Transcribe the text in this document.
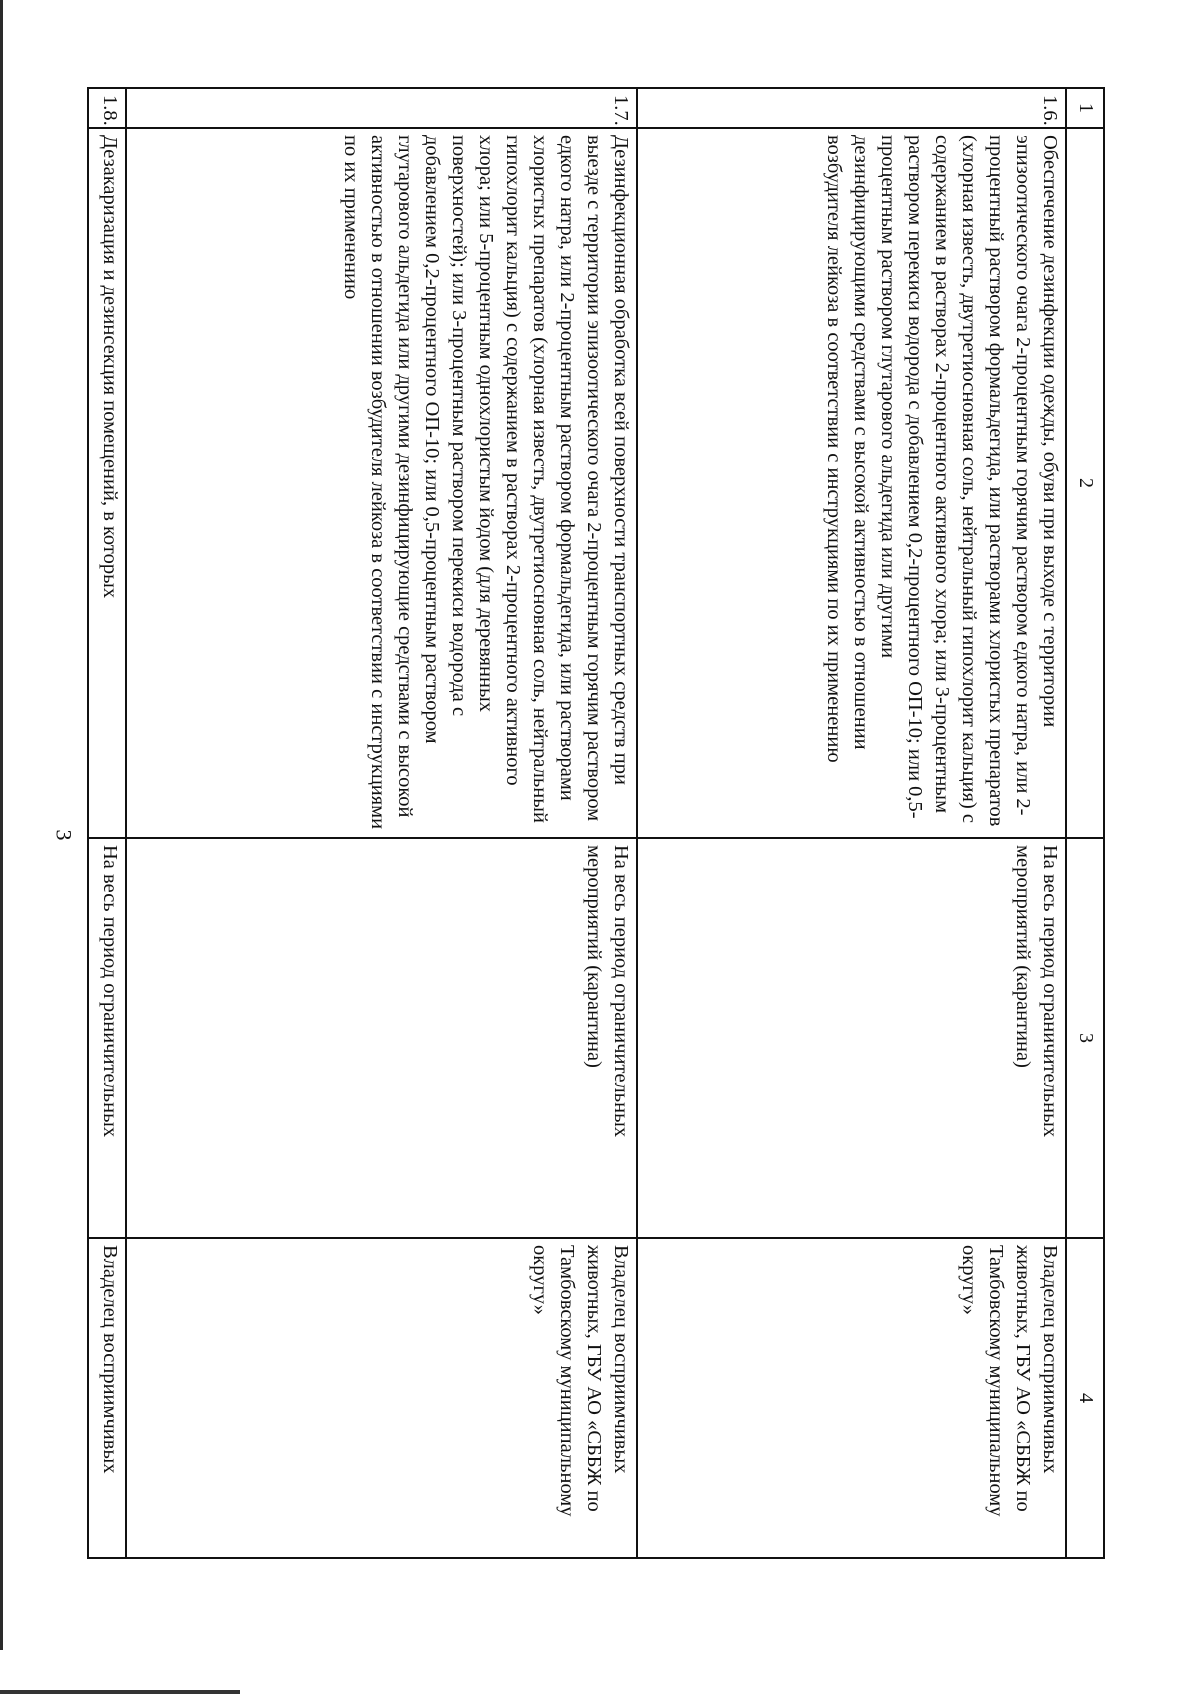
3
1	2	3	4
1.6.	Обеспечение дезинфекции одежды, обуви при выходе с территории эпизоотического очага 2-процентным горячим раствором едкого натра, или 2-процентный раствором формальдегида, или растворами хлористых препаратов (хлорная известь, двутретиосновная соль, нейтральный гипохлорит кальция) с содержанием в растворах 2-процентного активного хлора; или 3-процентным раствором перекиси водорода с добавлением 0,2-процентного ОП-10; или 0,5-процентным раствором глутарового альдегида или другими дезинфицирующими средствами с высокой активностью в отношении возбудителя лейкоза в соответствии с инструкциями по их применению	На весь период ограничительных мероприятий (карантина)	Владелец восприимчивых животных, ГБУ АО «СББЖ по Тамбовскому муниципальному округу»

1.7.	Дезинфекционная обработка всей поверхности транспортных средств при выезде с территории эпизоотического очага 2-процентным горячим раствором едкого натра, или 2-процентным раствором формальдегида, или растворами хлористых препаратов (хлорная известь, двутретиосновная соль, нейтральный гипохлорит кальция) с содержанием в растворах 2-процентного активного хлора; или 5-процентным однохлористым йодом (для деревянных поверхностей); или 3-процентным раствором перекиси водорода с добавлением 0,2-процентного ОП-10; или 0,5-процентным раствором глутарового альдегида или другими дезинфицирующие средствами с высокой активностью в отношении возбудителя лейкоза в соответствии с инструкциями по их применению	На весь период ограничительных мероприятий (карантина)	Владелец восприимчивых животных, ГБУ АО «СББЖ по Тамбовскому муниципальному округу»

1.8.	Дезакаризация и дезинсекция помещений, в которых	На весь период ограничительных	Владелец восприимчивых
